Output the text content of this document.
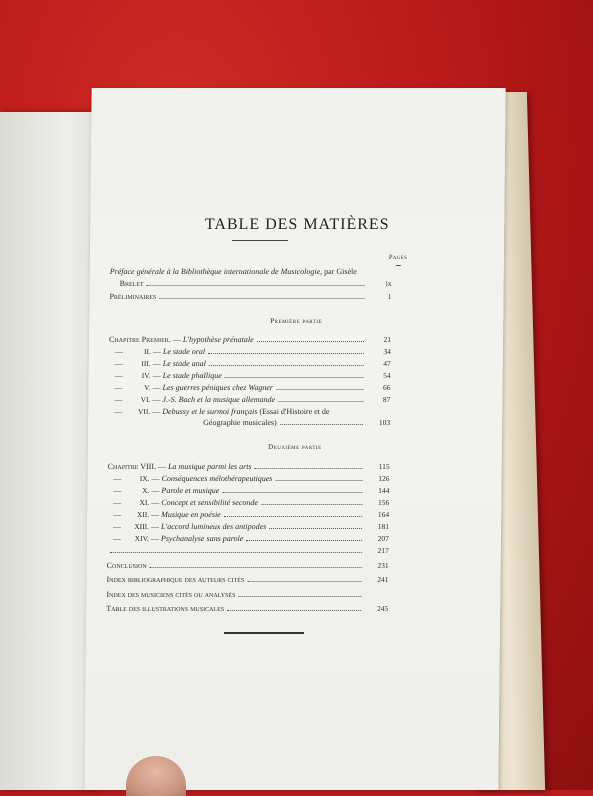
TABLE DES MATIÈRES
Pages
Préface générale à la Bibliothèque internationale de Musicologie, par Gisèle
Brelet	ix
Préliminaires	1
Première partie
Chapitre Premier. — L'hypothèse prénatale	21
—	II. — Le stade oral	34
—	III. — Le stade anal	47
—	IV. — Le stade phallique	54
—	V. — Les guerres péniques chez Wagner	66
—	VI. — J.-S. Bach et la musique allemande	87
—	VII. — Debussy et le surmoi français
(Essai d'Histoire et de
Géographie musicales)	103
Deuxième partie
Chapitre VIII. — La musique parmi les arts	115
—	IX. — Conséquences mélothérapeutiques	126
—	X. — Parole et musique	144
—	XI. — Concept et sensibilité seconde	156
—	XII. — Musique en poésie	164
—	XIII. — L'accord lumineux des antipodes	181
—	XIV. — Psychanalyse sans parole	207
217
Conclusion	231
Index bibliographique des auteurs cités	241
Index des musiciens cités ou analysés
Table des illustrations musicales	245
